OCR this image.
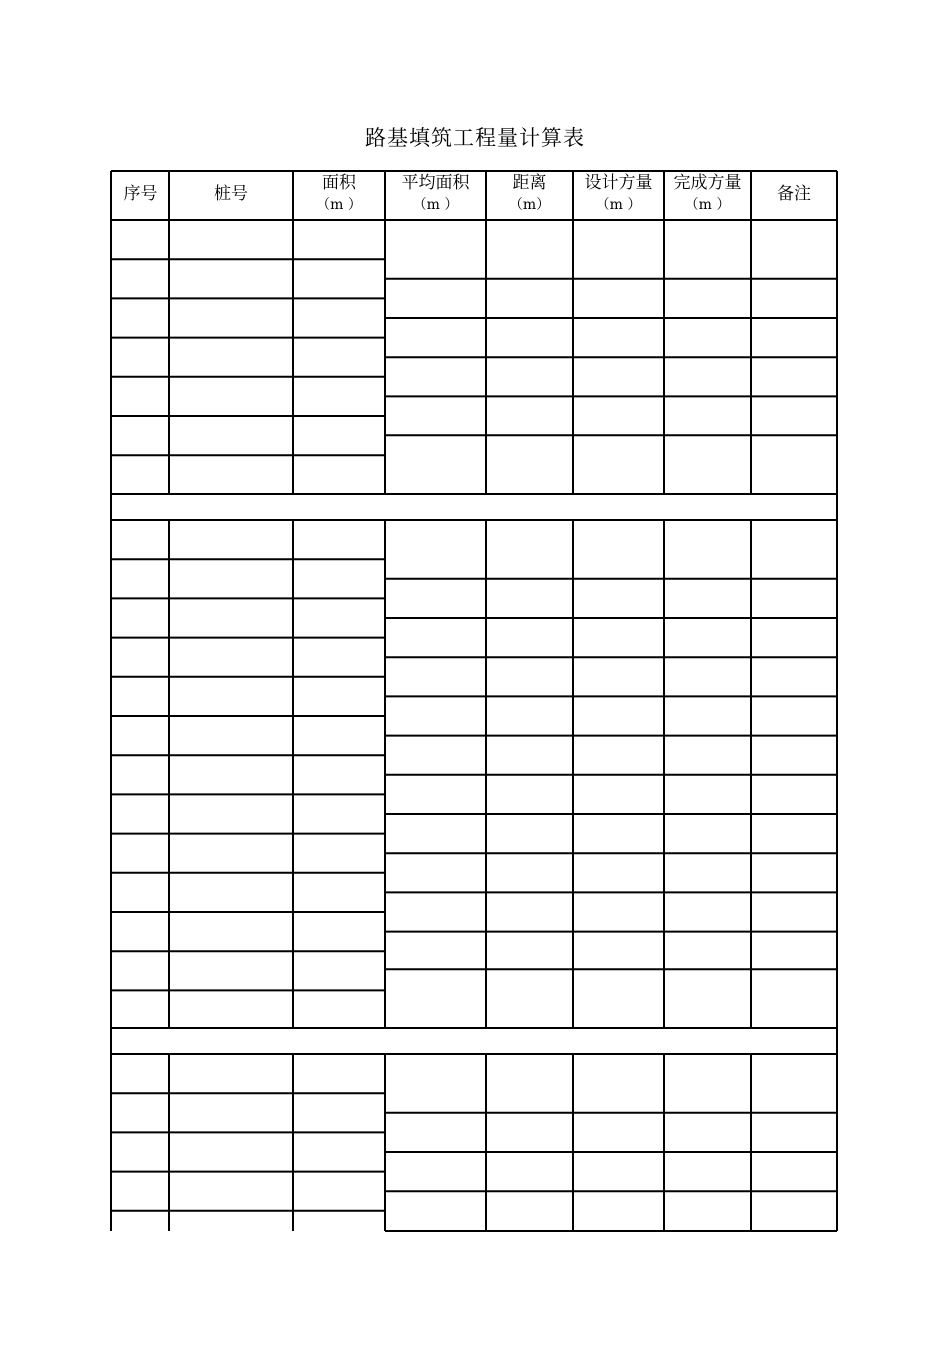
路基填筑工程量计算表
序号	桩号
面积
（m ）
平均面积
（m ）
距离
（m）
设计方量
（m ）
完成方量
（m ）
备注
